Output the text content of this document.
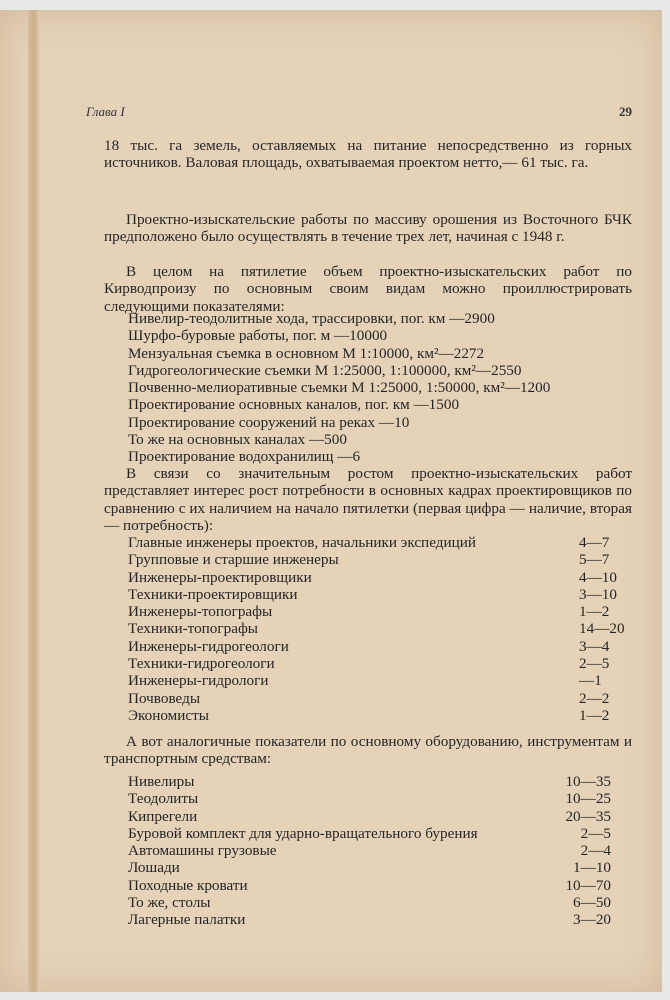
Глава I	29
18 тыс. га земель, оставляемых на питание непосредственно из горных источников. Валовая площадь, охватываемая проектом нетто,— 61 тыс. га.
Проектно-изыскательские работы по массиву орошения из Восточного БЧК предположено было осуществлять в течение трех лет, начиная с 1948 г.
В целом на пятилетие объем проектно-изыскательских работ по Кирводпроизу по основным своим видам можно проиллюстрировать следующими показателями:
Нивелир-теодолитные хода, трассировки, пог. км —2900
Шурфо-буровые работы, пог. м —10000
Мензуальная съемка в основном М 1:10000, км²—2272
Гидрогеологические съемки М 1:25000, 1:100000, км²—2550
Почвенно-мелиоративные съемки М 1:25000, 1:50000, км²—1200
Проектирование основных каналов, пог. км —1500
Проектирование сооружений на реках —10
То же на основных каналах —500
Проектирование водохранилищ —6
В связи со значительным ростом проектно-изыскательских работ представляет интерес рост потребности в основных кадрах проектировщиков по сравнению с их наличием на начало пятилетки (первая цифра — наличие, вторая — потребность):
Главные инженеры проектов, начальники экспедиций	4—7
Групповые и старшие инженеры	5—7
Инженеры-проектировщики	4—10
Техники-проектировщики	3—10
Инженеры-топографы	1—2
Техники-топографы	14—20
Инженеры-гидрогеологи	3—4
Техники-гидрогеологи	2—5
Инженеры-гидрологи	—1
Почвоведы	2—2
Экономисты	1—2
А вот аналогичные показатели по основному оборудованию, инструментам и транспортным средствам:
Нивелиры	10—35
Теодолиты	10—25
Кипрегели	20—35
Буровой комплект для ударно-вращательного бурения	2—5
Автомашины грузовые	2—4
Лошади	1—10
Походные кровати	10—70
То же, столы	6—50
Лагерные палатки	3—20
